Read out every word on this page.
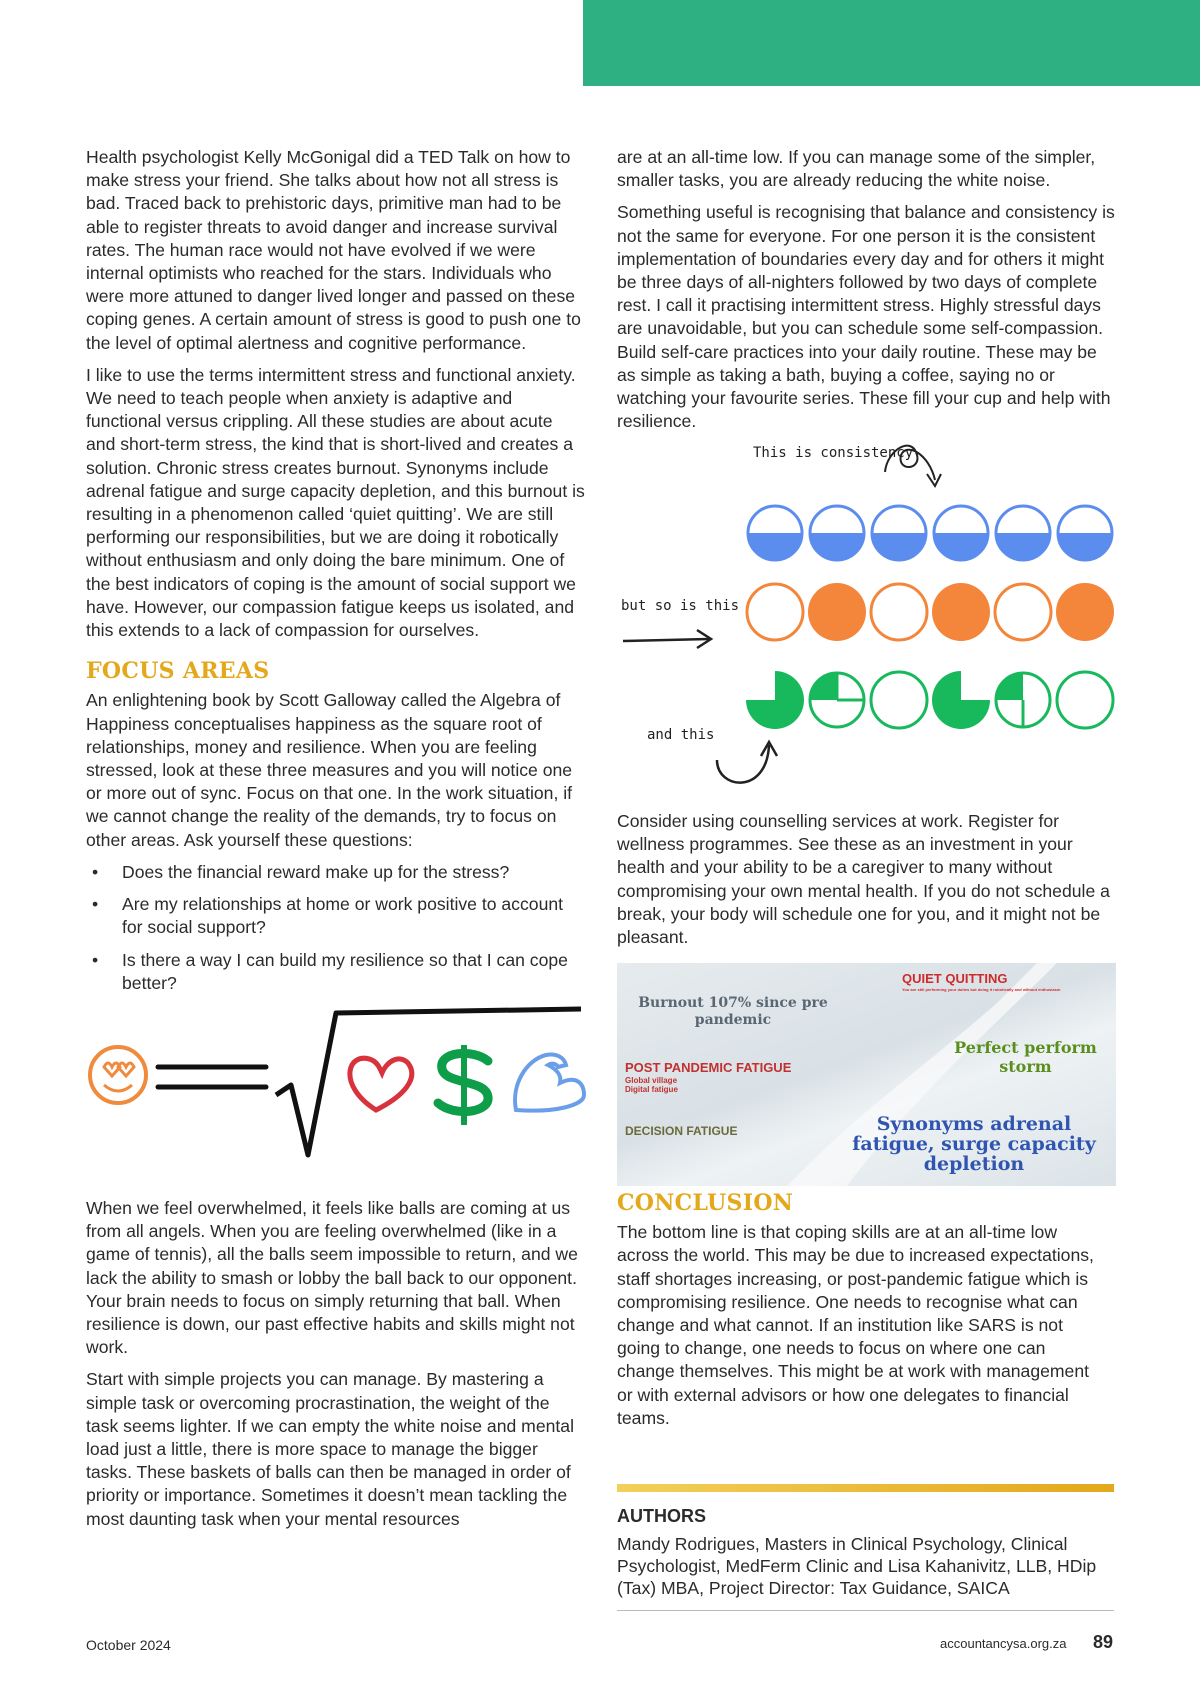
Health psychologist Kelly McGonigal did a TED Talk on how to make stress your friend. She talks about how not all stress is bad. Traced back to prehistoric days, primitive man had to be able to register threats to avoid danger and increase survival rates. The human race would not have evolved if we were internal optimists who reached for the stars. Individuals who were more attuned to danger lived longer and passed on these coping genes. A certain amount of stress is good to push one to the level of optimal alertness and cognitive performance.

I like to use the terms intermittent stress and functional anxiety. We need to teach people when anxiety is adaptive and functional versus crippling. All these studies are about acute and short-term stress, the kind that is short-lived and creates a solution. Chronic stress creates burnout. Synonyms include adrenal fatigue and surge capacity depletion, and this burnout is resulting in a phenomenon called ‘quiet quitting’. We are still performing our responsibilities, but we are doing it robotically without enthusiasm and only doing the bare minimum. One of the best indicators of coping is the amount of social support we have. However, our compassion fatigue keeps us isolated, and this extends to a lack of compassion for ourselves.

FOCUS AREAS

An enlightening book by Scott Galloway called the Algebra of Happiness conceptualises happiness as the square root of relationships, money and resilience. When you are feeling stressed, look at these three measures and you will notice one or more out of sync. Focus on that one. In the work situation, if we cannot change the reality of the demands, try to focus on other areas. Ask yourself these questions:

• Does the financial reward make up for the stress?
• Are my relationships at home or work positive to account for social support?
• Is there a way I can build my resilience so that I can cope better?

When we feel overwhelmed, it feels like balls are coming at us from all angels. When you are feeling overwhelmed (like in a game of tennis), all the balls seem impossible to return, and we lack the ability to smash or lobby the ball back to our opponent. Your brain needs to focus on simply returning that ball. When resilience is down, our past effective habits and skills might not work.

Start with simple projects you can manage. By mastering a simple task or overcoming procrastination, the weight of the task seems lighter. If we can empty the white noise and mental load just a little, there is more space to manage the bigger tasks. These baskets of balls can then be managed in order of priority or importance. Sometimes it doesn’t mean tackling the most daunting task when your mental resources

are at an all-time low. If you can manage some of the simpler, smaller tasks, you are already reducing the white noise.

Something useful is recognising that balance and consistency is not the same for everyone. For one person it is the consistent implementation of boundaries every day and for others it might be three days of all-nighters followed by two days of complete rest. I call it practising intermittent stress. Highly stressful days are unavoidable, but you can schedule some self-compassion. Build self-care practices into your daily routine. These may be as simple as taking a bath, buying a coffee, saying no or watching your favourite series. These fill your cup and help with resilience.

This is consistency
but so is this
and this

Consider using counselling services at work. Register for wellness programmes. See these as an investment in your health and your ability to be a caregiver to many without compromising your own mental health. If you do not schedule a break, your body will schedule one for you, and it might not be pleasant.

Burnout 107% since pre pandemic
QUIET QUITTING
You are still performing your duties but doing it robotically and without enthusiasm
Perfect perform storm
POST PANDEMIC FATIGUE
Global village
Digital fatigue
DECISION FATIGUE	Synonyms adrenal fatigue, surge capacity depletion
CONCLUSION

The bottom line is that coping skills are at an all-time low across the world. This may be due to increased expectations, staff shortages increasing, or post-pandemic fatigue which is compromising resilience. One needs to recognise what can change and what cannot. If an institution like SARS is not going to change, one needs to focus on where one can change themselves. This might be at work with management or with external advisors or how one delegates to financial teams.

AUTHORS
Mandy Rodrigues, Masters in Clinical Psychology, Clinical Psychologist, MedFerm Clinic and Lisa Kahanivitz, LLB, HDip (Tax) MBA, Project Director: Tax Guidance, SAICA
October 2024	accountancysa.org.za 89
